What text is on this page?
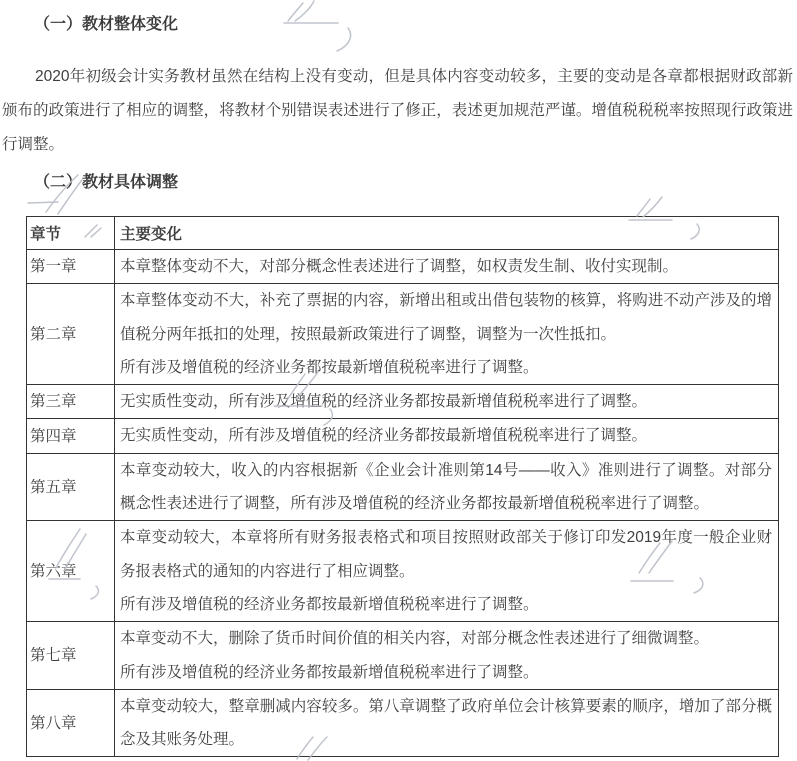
（一）教材整体变化

2020年初级会计实务教材虽然在结构上没有变动，但是具体内容变动较多，主要的变动是各章都根据财政部新颁布的政策进行了相应的调整，将教材个别错误表述进行了修正，表述更加规范严谨。增值税税税率按照现行政策进行调整。

（二）教材具体调整
章节	主要变化
第一章	本章整体变动不大，对部分概念性表述进行了调整，如权责发生制、收付实现制。

第二章	本章整体变动不大，补充了票据的内容，新增出租或出借包装物的核算，将购进不动产涉及的增值税分两年抵扣的处理，按照最新政策进行了调整，调整为一次性抵扣。
所有涉及增值税的经济业务都按最新增值税税率进行了调整。

第三章	无实质性变动，所有涉及增值税的经济业务都按最新增值税税率进行了调整。

第四章	无实质性变动，所有涉及增值税的经济业务都按最新增值税税率进行了调整。

第五章	本章变动较大，收入的内容根据新《企业会计准则第14号——收入》准则进行了调整。对部分概念性表述进行了调整，所有涉及增值税的经济业务都按最新增值税税率进行了调整。

第六章	本章变动较大，本章将所有财务报表格式和项目按照财政部关于修订印发2019年度一般企业财务报表格式的通知的内容进行了相应调整。
所有涉及增值税的经济业务都按最新增值税税率进行了调整。

第七章	本章变动不大，删除了货币时间价值的相关内容，对部分概念性表述进行了细微调整。
所有涉及增值税的经济业务都按最新增值税税率进行了调整。

第八章	本章变动较大，整章删减内容较多。第八章调整了政府单位会计核算要素的顺序，增加了部分概念及其账务处理。
